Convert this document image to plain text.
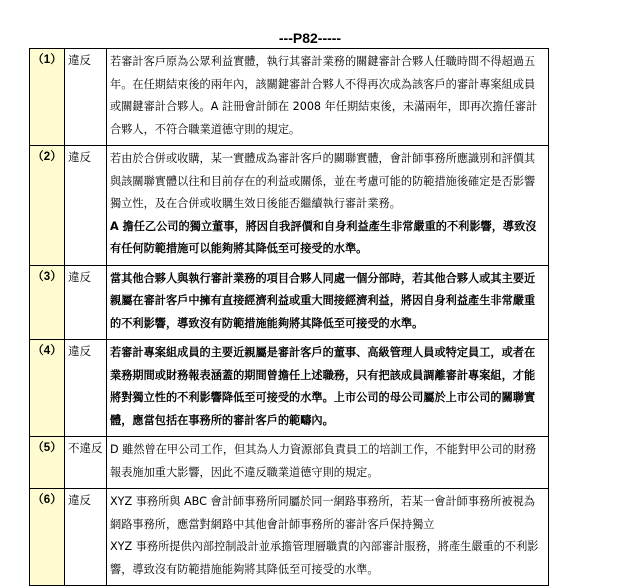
---P82-----
（1）	違反	若審計客戶原為公眾利益實體，執行其審計業務的關鍵審計合夥人任職時間不得超過五年。在任期結束後的兩年內，該關鍵審計合夥人不得再次成為該客戶的審計專案組成員或關鍵審計合夥人。A 註冊會計師在 2008 年任期結束後，未滿兩年，即再次擔任審計合夥人，不符合職業道德守則的規定。

（2）	違反	若由於合併或收購，某一實體成為審計客戶的關聯實體，會計師事務所應識別和評價其與該關聯實體以往和目前存在的利益或關係，並在考慮可能的防範措施後確定是否影響獨立性，及在合併或收購生效日後能否繼續執行審計業務。
A 擔任乙公司的獨立董事，將因自我評價和自身利益產生非常嚴重的不利影響，導致沒有任何防範措施可以能夠將其降低至可接受的水準。

（3）	違反	當其他合夥人與執行審計業務的項目合夥人同處一個分部時，若其他合夥人或其主要近親屬在審計客戶中擁有直接經濟利益或重大間接經濟利益，將因自身利益產生非常嚴重的不利影響，導致沒有防範措施能夠將其降低至可接受的水準。

（4）	違反	若審計專案組成員的主要近親屬是審計客戶的董事、高級管理人員或特定員工，或者在業務期間或財務報表涵蓋的期間曾擔任上述職務，只有把該成員調離審計專案組，才能將對獨立性的不利影響降低至可接受的水準。上市公司的母公司屬於上市公司的關聯實體，應當包括在事務所的審計客戶的範疇內。

（5）	不違反	D 雖然曾在甲公司工作，但其為人力資源部負責員工的培訓工作，不能對甲公司的財務報表施加重大影響，因此不違反職業道德守則的規定。

（6）	違反	XYZ 事務所與 ABC 會計師事務所同屬於同一網路事務所，若某一會計師事務所被視為網路事務所，應當對網路中其他會計師事務所的審計客戶保持獨立
XYZ 事務所提供內部控制設計並承擔管理層職責的內部審計服務，將產生嚴重的不利影響，導致沒有防範措施能夠將其降低至可接受的水準。
